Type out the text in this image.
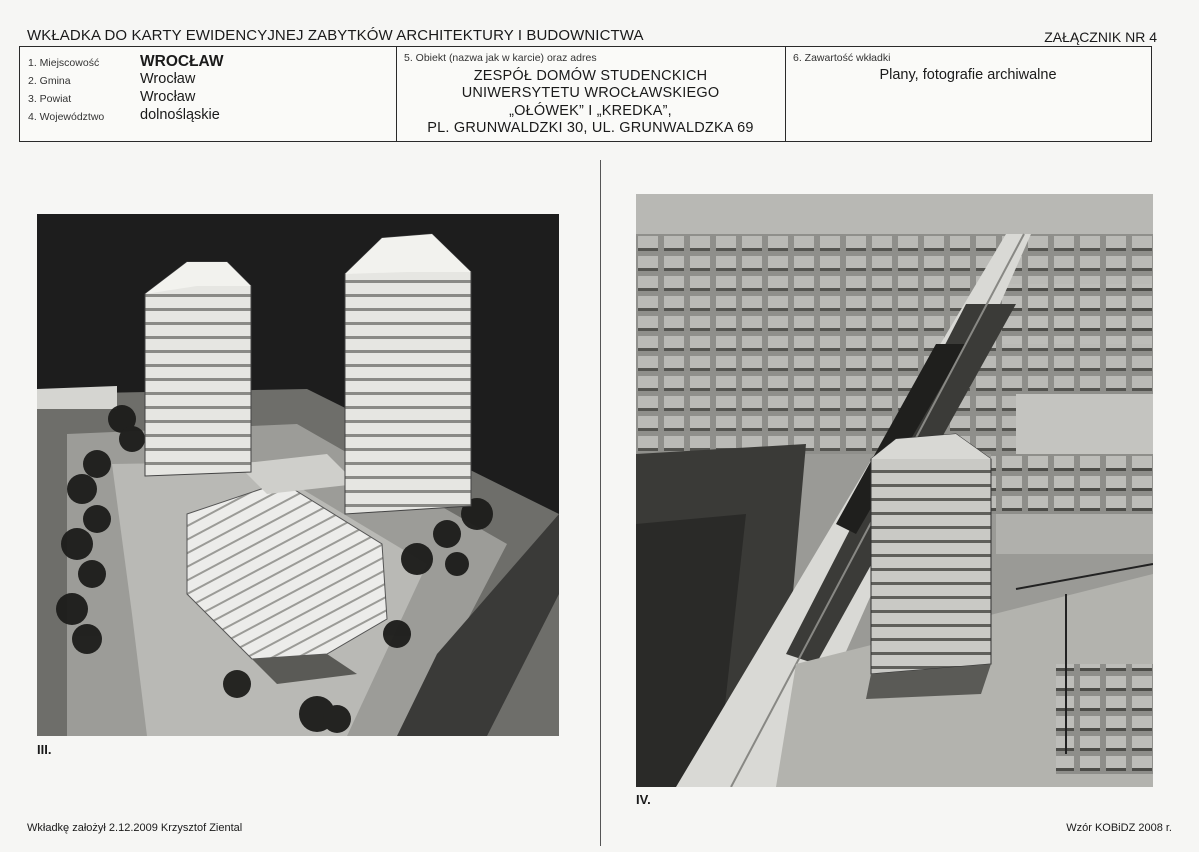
WKŁADKA DO KARTY EWIDENCYJNEJ ZABYTKÓW ARCHITEKTURY I BUDOWNICTWA	ZAŁĄCZNIK NR 4
1. Miejscowość	WROCŁAW
2. Gmina	Wrocław
3. Powiat	Wrocław
4. Województwo dolnośląskie
5. Obiekt (nazwa jak w karcie) oraz adres
ZESPÓŁ DOMÓW STUDENCKICH
UNIWERSYTETU WROCŁAWSKIEGO
„OŁÓWEK” I „KREDKA”,
PL. GRUNWALDZKI 30, UL. GRUNWALDZKA 69
6. Zawartość wkładki
Plany, fotografie archiwalne
III.
IV.
Wkładkę założył 2.12.2009 Krzysztof Ziental	Wzór KOBiDZ 2008 r.
